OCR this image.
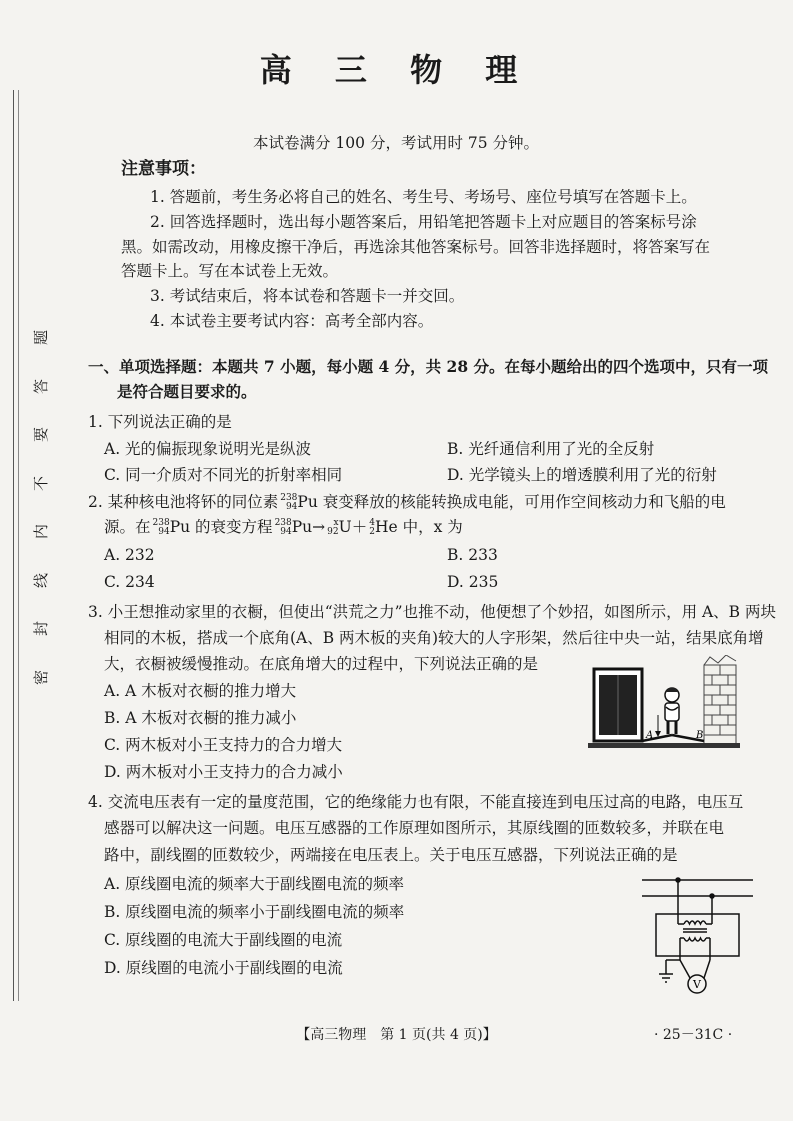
题
答
要
不
内
线
封
密
高 三 物 理
本试卷满分 100 分，考试用时 75 分钟。
注意事项：
1. 答题前，考生务必将自己的姓名、考生号、考场号、座位号填写在答题卡上。
2. 回答选择题时，选出每小题答案后，用铅笔把答题卡上对应题目的答案标号涂
黑。如需改动，用橡皮擦干净后，再选涂其他答案标号。回答非选择题时，将答案写在
答题卡上。写在本试卷上无效。
3. 考试结束后，将本试卷和答题卡一并交回。
4. 本试卷主要考试内容：高考全部内容。
一、单项选择题：本题共 7 小题，每小题 4 分，共 28 分。在每小题给出的四个选项中，只有一项
是符合题目要求的。
1. 下列说法正确的是
A. 光的偏振现象说明光是纵波	B. 光纤通信利用了光的全反射
C. 同一介质对不同光的折射率相同	D. 光学镜头上的增透膜利用了光的衍射
2. 某种核电池将钚的同位素 238
94 Pu 衰变释放的核能转换成电能，可用作空间核动力和飞船的电
源。在 238
94 Pu 的衰变方程 238
94 Pu→ x
92 U＋ 4
2 He 中，x 为
A. 232	B. 233
C. 234	D. 235
3. 小王想推动家里的衣橱，但使出“洪荒之力”也推不动，他便想了个妙招，如图所示，用 A、B 两块
相同的木板，搭成一个底角(A、B 两木板的夹角)较大的人字形架，然后往中央一站，结果底角增
大，衣橱被缓慢推动。在底角增大的过程中，下列说法正确的是
A. A 木板对衣橱的推力增大
B. A 木板对衣橱的推力减小
C. 两木板对小王支持力的合力增大
D. 两木板对小王支持力的合力减小
A	B
4. 交流电压表有一定的量度范围，它的绝缘能力也有限，不能直接连到电压过高的电路，电压互
感器可以解决这一问题。电压互感器的工作原理如图所示，其原线圈的匝数较多，并联在电
路中，副线圈的匝数较少，两端接在电压表上。关于电压互感器，下列说法正确的是
A. 原线圈电流的频率大于副线圈电流的频率
B. 原线圈电流的频率小于副线圈电流的频率
C. 原线圈的电流大于副线圈的电流
D. 原线圈的电流小于副线圈的电流
V
【高三物理　第 1 页(共 4 页)】	· 25－31C ·
